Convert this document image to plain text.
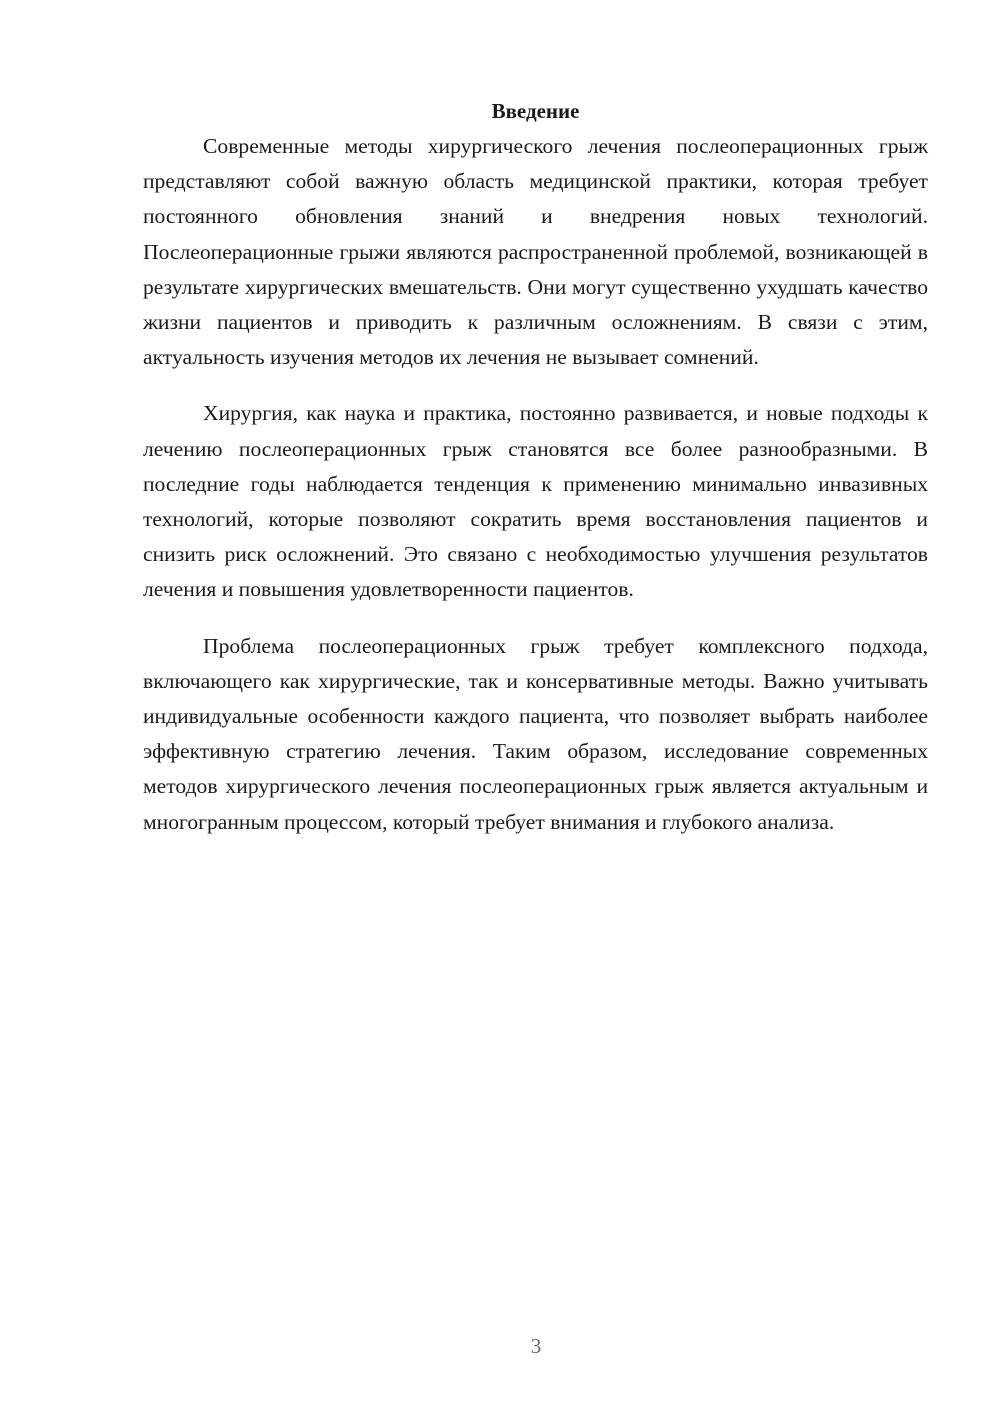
Введение

Современные методы хирургического лечения послеоперационных грыж представляют собой важную область медицинской практики, которая требует постоянного обновления знаний и внедрения новых технологий. Послеоперационные грыжи являются распространенной проблемой, возникающей в результате хирургических вмешательств. Они могут существенно ухудшать качество жизни пациентов и приводить к различным осложнениям. В связи с этим, актуальность изучения методов их лечения не вызывает сомнений.

Хирургия, как наука и практика, постоянно развивается, и новые подходы к лечению послеоперационных грыж становятся все более разнообразными. В последние годы наблюдается тенденция к применению минимально инвазивных технологий, которые позволяют сократить время восстановления пациентов и снизить риск осложнений. Это связано с необходимостью улучшения результатов лечения и повышения удовлетворенности пациентов.

Проблема послеоперационных грыж требует комплексного подхода, включающего как хирургические, так и консервативные методы. Важно учитывать индивидуальные особенности каждого пациента, что позволяет выбрать наиболее эффективную стратегию лечения. Таким образом, исследование современных методов хирургического лечения послеоперационных грыж является актуальным и многогранным процессом, который требует внимания и глубокого анализа.

3
